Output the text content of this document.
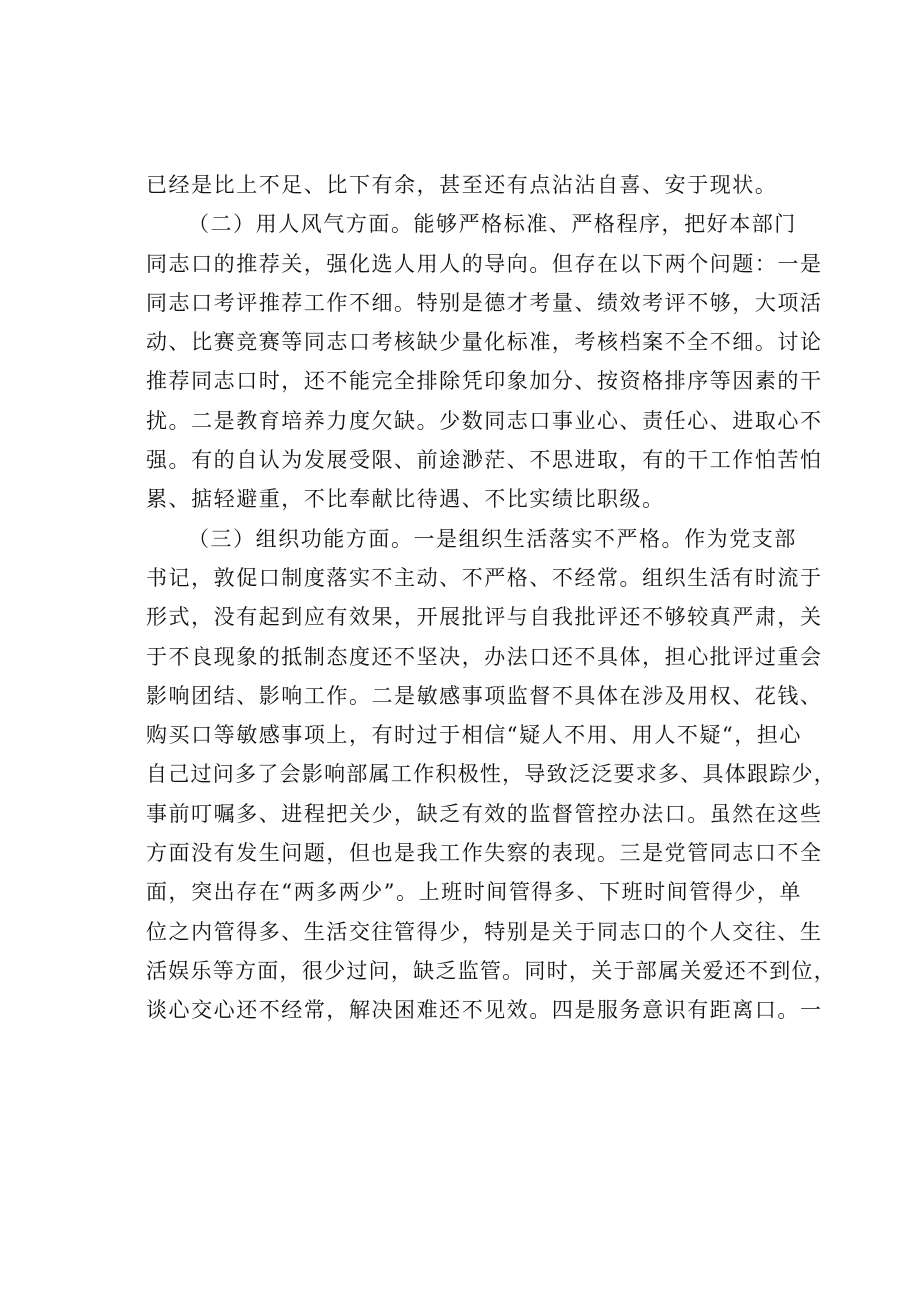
已经是比上不足、比下有余，甚至还有点沾沾自喜、安于现状。
（二）用人风气方面。能够严格标准、严格程序，把好本部门
同志口的推荐关，强化选人用人的导向。但存在以下两个问题：一是
同志口考评推荐工作不细。特别是德才考量、绩效考评不够，大项活
动、比赛竞赛等同志口考核缺少量化标准，考核档案不全不细。讨论
推荐同志口时，还不能完全排除凭印象加分、按资格排序等因素的干
扰。二是教育培养力度欠缺。少数同志口事业心、责任心、进取心不
强。有的自认为发展受限、前途渺茫、不思进取，有的干工作怕苦怕
累、掂轻避重，不比奉献比待遇、不比实绩比职级。
（三）组织功能方面。一是组织生活落实不严格。作为党支部
书记，敦促口制度落实不主动、不严格、不经常。组织生活有时流于
形式，没有起到应有效果，开展批评与自我批评还不够较真严肃，关
于不良现象的抵制态度还不坚决，办法口还不具体，担心批评过重会
影响团结、影响工作。二是敏感事项监督不具体在涉及用权、花钱、
购买口等敏感事项上，有时过于相信“疑人不用、用人不疑“，担心
自己过问多了会影响部属工作积极性，导致泛泛要求多、具体跟踪少，
事前叮嘱多、进程把关少，缺乏有效的监督管控办法口。虽然在这些
方面没有发生问题，但也是我工作失察的表现。三是党管同志口不全
面，突出存在“两多两少”。上班时间管得多、下班时间管得少，单
位之内管得多、生活交往管得少，特别是关于同志口的个人交往、生
活娱乐等方面，很少过问，缺乏监管。同时，关于部属关爱还不到位，
谈心交心还不经常，解决困难还不见效。四是服务意识有距离口。一
